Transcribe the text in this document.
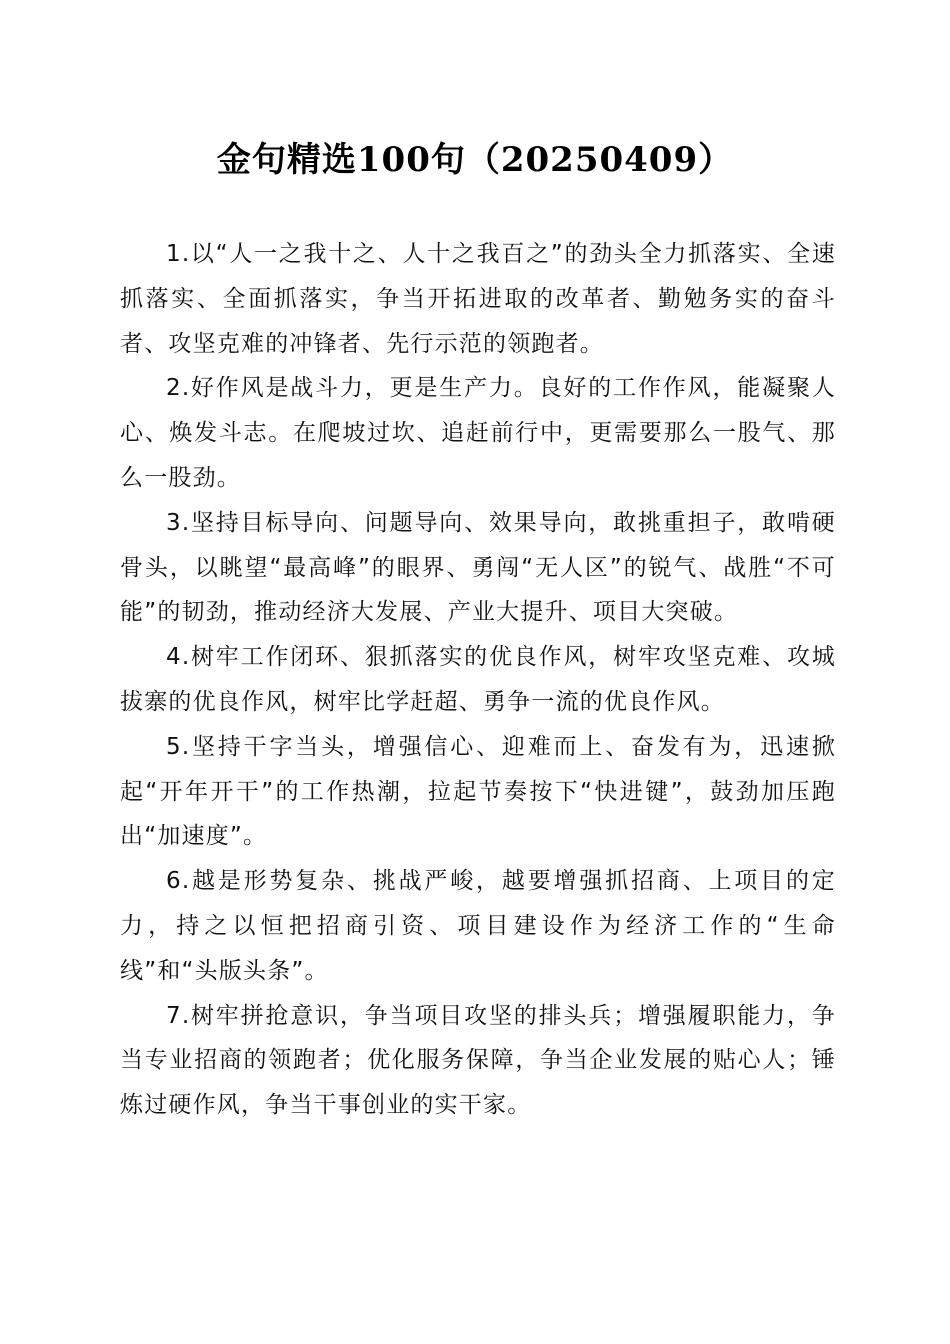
金句精选100句（20250409）

1.以“人一之我十之、人十之我百之”的劲头全力抓落实、全速抓落实、全面抓落实，争当开拓进取的改革者、勤勉务实的奋斗者、攻坚克难的冲锋者、先行示范的领跑者。

2.好作风是战斗力，更是生产力。良好的工作作风，能凝聚人心、焕发斗志。在爬坡过坎、追赶前行中，更需要那么一股气、那么一股劲。

3.坚持目标导向、问题导向、效果导向，敢挑重担子，敢啃硬骨头，以眺望“最高峰”的眼界、勇闯“无人区”的锐气、战胜“不可能”的韧劲，推动经济大发展、产业大提升、项目大突破。

4.树牢工作闭环、狠抓落实的优良作风，树牢攻坚克难、攻城拔寨的优良作风，树牢比学赶超、勇争一流的优良作风。

5.坚持干字当头，增强信心、迎难而上、奋发有为，迅速掀起“开年开干”的工作热潮，拉起节奏按下“快进键”，鼓劲加压跑出“加速度”。

6.越是形势复杂、挑战严峻，越要增强抓招商、上项目的定力，持之以恒把招商引资、项目建设作为经济工作的“生命线”和“头版头条”。

7.树牢拼抢意识，争当项目攻坚的排头兵；增强履职能力，争当专业招商的领跑者；优化服务保障，争当企业发展的贴心人；锤炼过硬作风，争当干事创业的实干家。
